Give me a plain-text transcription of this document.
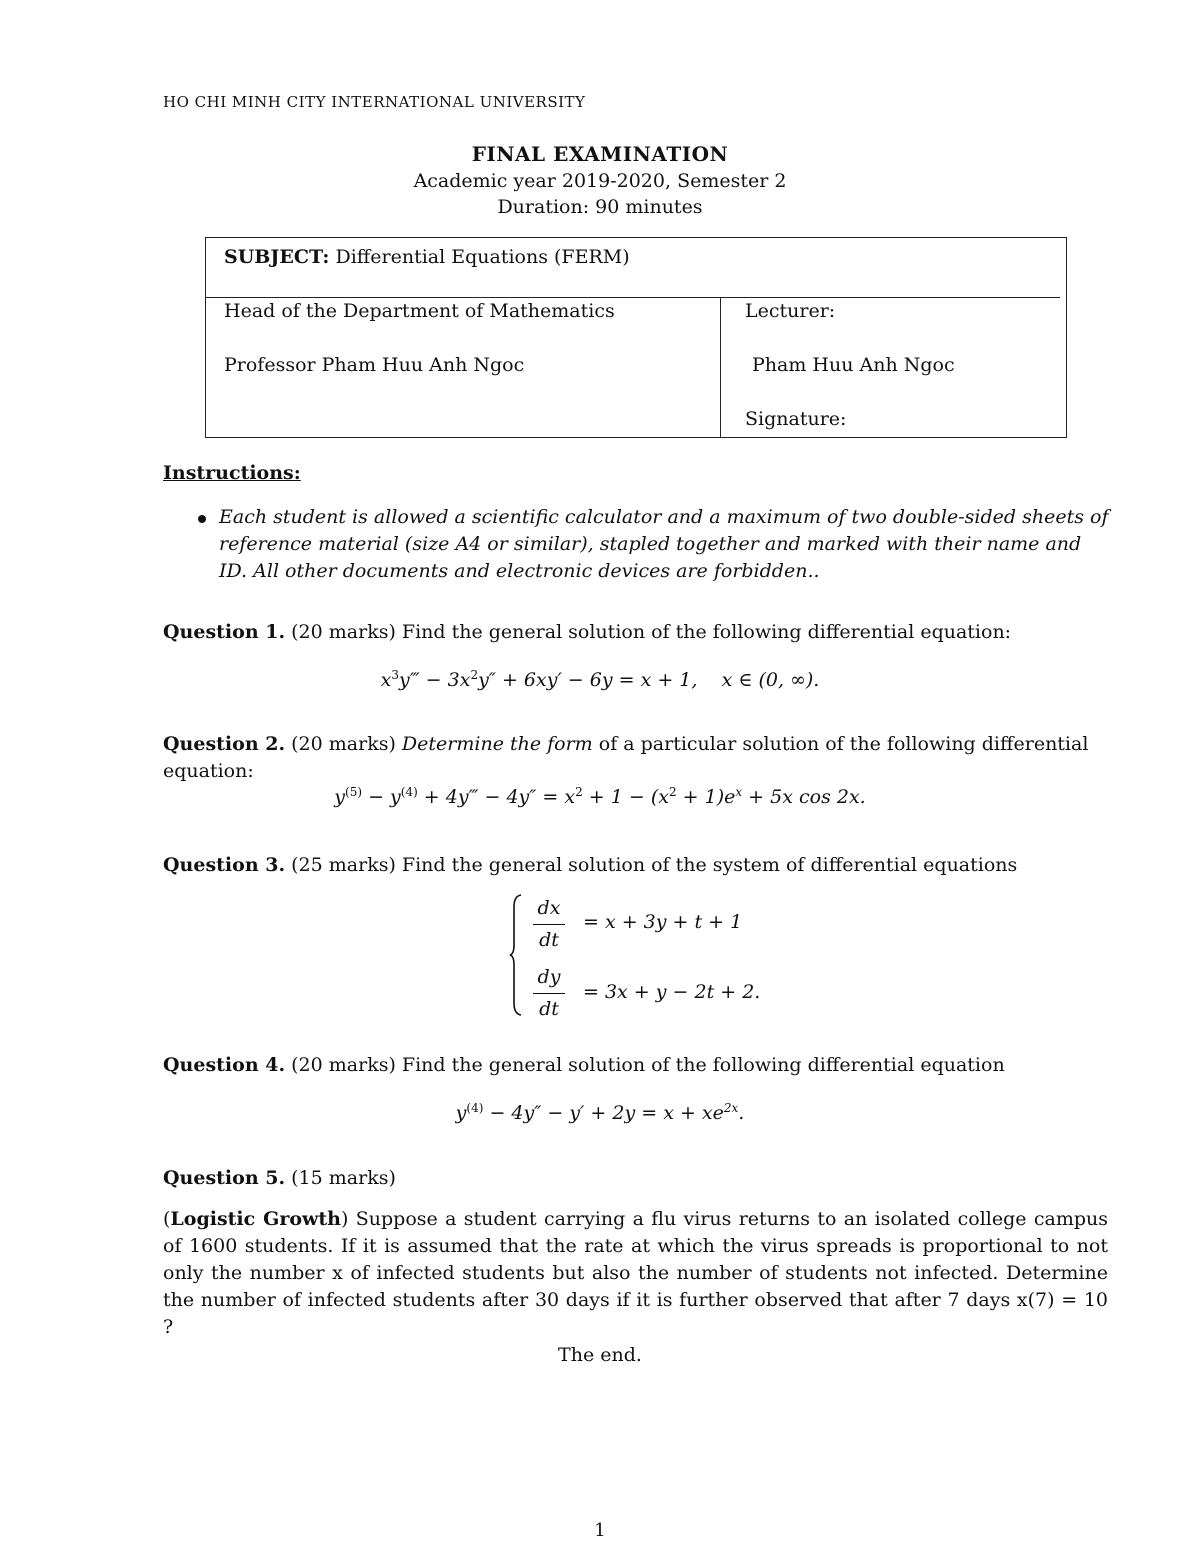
HO CHI MINH CITY INTERNATIONAL UNIVERSITY
FINAL EXAMINATION
Academic year 2019-2020, Semester 2
Duration: 90 minutes
SUBJECT: Differential Equations (FERM)
Head of the Department of Mathematics
Professor Pham Huu Anh Ngoc
Lecturer:
Pham Huu Anh Ngoc
Signature:
Instructions:
Each student is allowed a scientific calculator and a maximum of two double-sided sheets of reference material (size A4 or similar), stapled together and marked with their name and ID. All other documents and electronic devices are forbidden..
Question 1. (20 marks) Find the general solution of the following differential equation:
$x^3y‴ - 3x^2y'' + 6xy' - 6y = x + 1$, x ∈ (0, ∞).
Question 2. (20 marks) Determine the form of a particular solution of the following differential equation:
$y^{(5)} - y^{(4)}$ + 4y‴ − $4y'' = x^2 + 1 - (x^2 + 1)e^x + 5x$ cos 2x.
Question 3. (25 marks) Find the general solution of the system of differential equations
dx
dt
= x + 3y + t + 1
dy
dt
= 3x + y − 2t + 2.
Question 4. (20 marks) Find the general solution of the following differential equation
$y^{(4)} - 4y'' - y' + 2y = x + xe^{2x}$.
Question 5. (15 marks)
(Logistic Growth) Suppose a student carrying a flu virus returns to an isolated college campus of 1600 students. If it is assumed that the rate at which the virus spreads is proportional to not only the number x of infected students but also the number of students not infected. Determine the number of infected students after 30 days if it is further observed that after 7 days x(7) = 10 ?
The end.
1
